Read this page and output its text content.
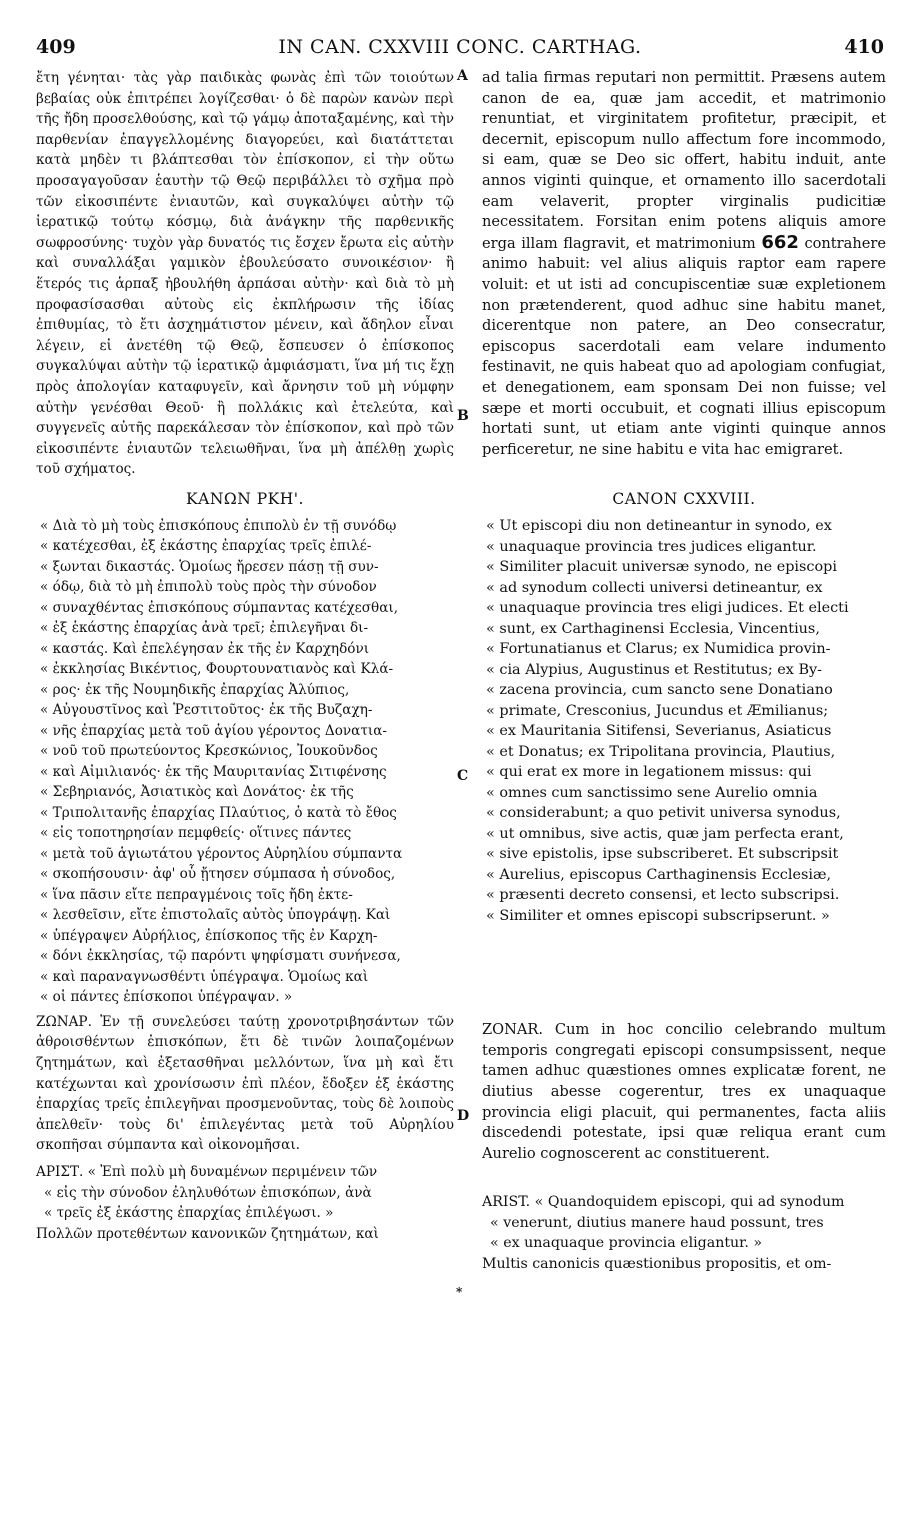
409	IN CAN. CXXVIII CONC. CARTHAG.	410
A
B
C
D
*

ἔτη γένηται· τὰς γὰρ παιδικὰς φωνὰς ἐπὶ τῶν τοιούτων βεβαίας οὐκ ἐπιτρέπει λογίζεσθαι· ὁ δὲ παρὼν κανὼν περὶ τῆς ἤδη προσελθούσης, καὶ τῷ γάμῳ ἀποταξαμένης, καὶ τὴν παρθενίαν ἐπαγγελλομένης διαγορεύει, καὶ διατάττεται κατὰ μηδὲν τι βλάπτεσθαι τὸν ἐπίσκοπον, εἰ τὴν οὕτω προσαγαγοῦσαν ἑαυτὴν τῷ Θεῷ περιβάλλει τὸ σχῆμα πρὸ τῶν εἰκοσιπέντε ἐνιαυτῶν, καὶ συγκαλύψει αὐτὴν τῷ ἱερατικῷ τούτῳ κόσμῳ, διὰ ἀνάγκην τῆς παρθενικῆς σωφροσύνης· τυχὸν γὰρ δυνατός τις ἔσχεν ἔρωτα εἰς αὐτὴν καὶ συναλλάξαι γαμικὸν ἐβουλεύσατο συνοικέσιον· ἢ ἕτερός τις ἁρπαξ ἠβουλήθη ἁρπάσαι αὐτὴν· καὶ διὰ τὸ μὴ προφασίσασθαι αὐτοὺς εἰς ἐκπλήρωσιν τῆς ἰδίας ἐπιθυμίας, τὸ ἔτι ἀσχημάτιστον μένειν, καὶ ἄδηλον εἶναι λέγειν, εἰ ἀνετέθη τῷ Θεῷ, ἔσπευσεν ὁ ἐπίσκοπος συγκαλύψαι αὐτὴν τῷ ἱερατικῷ ἀμφιάσματι, ἵνα μή τις ἔχῃ πρὸς ἀπολογίαν καταφυγεῖν, καὶ ἄρνησιν τοῦ μὴ νύμφην αὐτὴν γενέσθαι Θεοῦ· ἢ πολλάκις καὶ ἐτελεύτα, καὶ συγγενεῖς αὐτῆς παρεκάλεσαν τὸν ἐπίσκοπον, καὶ πρὸ τῶν εἰκοσιπέντε ἐνιαυτῶν τελειωθῆναι, ἵνα μὴ ἀπέλθῃ χωρὶς τοῦ σχήματος.

ΚΑΝΩΝ ΡΚΗ'.
« Διὰ τὸ μὴ τοὺς ἐπισκόπους ἐπιπολὺ ἐν τῇ συνόδῳ
« κατέχεσθαι, ἐξ ἑκάστης ἐπαρχίας τρεῖς ἐπιλέ-
« ξωνται δικαστάς. Ὁμοίως ἤρεσεν πάσῃ τῇ συν-
« όδῳ, διὰ τὸ μὴ ἐπιπολὺ τοὺς πρὸς τὴν σύνοδον
« συναχθέντας ἐπισκόπους σύμπαντας κατέχεσθαι,
« ἐξ ἑκάστης ἐπαρχίας ἀνὰ τρεῖ; ἐπιλεγῆναι δι-
« καστάς. Καὶ ἐπελέγησαν ἐκ τῆς ἐν Καρχηδόνι
« ἐκκλησίας Βικέντιος, Φουρτουνατιανὸς καὶ Κλά-
« ρος· ἐκ τῆς Νουμηδικῆς ἐπαρχίας Ἀλύπιος,
« Αὐγουστῖνος καὶ Ῥεστιτοῦτος· ἐκ τῆς Βυζαχη-
« νῆς ἐπαρχίας μετὰ τοῦ ἁγίου γέροντος Δονατια-
« νοῦ τοῦ πρωτεύοντος Κρεσκώνιος, Ἰουκοῦνδος
« καὶ Αἰμιλιανός· ἐκ τῆς Μαυριτανίας Σιτιφένσης
« Σεβηριανός, Ἀσιατικὸς καὶ Δονάτος· ἐκ τῆς
« Τριπολιτανῆς ἐπαρχίας Πλαύτιος, ὁ κατὰ τὸ ἔθος
« εἰς τοποτηρησίαν πεμφθείς· οἵτινες πάντες
« μετὰ τοῦ ἁγιωτάτου γέροντος Αὐρηλίου σύμπαντα
« σκοπήσουσιν· ἀφ' οὗ ᾔτησεν σύμπασα ἡ σύνοδος,
« ἵνα πᾶσιν εἴτε πεπραγμένοις τοῖς ἤδη ἐκτε-
« λεσθεῖσιν, εἴτε ἐπιστολαῖς αὐτὸς ὑπογράψῃ. Καὶ
« ὑπέγραψεν Αὐρήλιος, ἐπίσκοπος τῆς ἐν Καρχη-
« δόνι ἐκκλησίας, τῷ παρόντι ψηφίσματι συνήνεσα,
« καὶ παραναγνωσθέντι ὑπέγραψα. Ὁμοίως καὶ
« οἱ πάντες ἐπίσκοποι ὑπέγραψαν. »

ΖΩΝΑΡ. Ἐν τῇ συνελεύσει ταύτῃ χρονοτριβησάντων τῶν ἀθροισθέντων ἐπισκόπων, ἔτι δὲ τινῶν λοιπαζομένων ζητημάτων, καὶ ἐξετασθῆναι μελλόντων, ἵνα μὴ καὶ ἔτι κατέχωνται καὶ χρονίσωσιν ἐπὶ πλέον, ἔδοξεν ἐξ ἑκάστης ἐπαρχίας τρεῖς ἐπιλεγῆναι προσμενοῦντας, τοὺς δὲ λοιποὺς ἀπελθεῖν· τοὺς δι' ἐπιλεγέντας μετὰ τοῦ Αὐρηλίου σκοπῆσαι σύμπαντα καὶ οἰκονομῆσαι.

ΑΡΙΣΤ. « Ἐπὶ πολὺ μὴ δυναμένων περιμένειν τῶν
« εἰς τὴν σύνοδον ἐληλυθότων ἐπισκόπων, ἀνὰ
« τρεῖς ἐξ ἑκάστης ἐπαρχίας ἐπιλέγωσι. »
Πολλῶν προτεθέντων κανονικῶν ζητημάτων, καὶ

ad talia firmas reputari non permittit. Præsens autem canon de ea, quæ jam accedit, et matrimonio renuntiat, et virginitatem profitetur, præcipit, et decernit, episcopum nullo affectum fore incommodo, si eam, quæ se Deo sic offert, habitu induit, ante annos viginti quinque, et ornamento illo sacerdotali eam velaverit, propter virginalis pudicitiæ necessitatem. Forsitan enim potens aliquis amore erga illam flagravit, et matrimonium 662 contrahere animo habuit: vel alius aliquis raptor eam rapere voluit: et ut isti ad concupiscentiæ suæ expletionem non prætenderent, quod adhuc sine habitu manet, dicerentque non patere, an Deo consecratur, episcopus sacerdotali eam velare indumento festinavit, ne quis habeat quo ad apologiam confugiat, et denegationem, eam sponsam Dei non fuisse; vel sæpe et morti occubuit, et cognati illius episcopum hortati sunt, ut etiam ante viginti quinque annos perficeretur, ne sine habitu e vita hac emigraret.

CANON CXXVIII.
« Ut episcopi diu non detineantur in synodo, ex
« unaquaque provincia tres judices eligantur.
« Similiter placuit universæ synodo, ne episcopi
« ad synodum collecti universi detineantur, ex
« unaquaque provincia tres eligi judices. Et electi
« sunt, ex Carthaginensi Ecclesia, Vincentius,
« Fortunatianus et Clarus; ex Numidica provin-
« cia Alypius, Augustinus et Restitutus; ex By-
« zacena provincia, cum sancto sene Donatiano
« primate, Cresconius, Jucundus et Æmilianus;
« ex Mauritania Sitifensi, Severianus, Asiaticus
« et Donatus; ex Tripolitana provincia, Plautius,
« qui erat ex more in legationem missus: qui
« omnes cum sanctissimo sene Aurelio omnia
« considerabunt; a quo petivit universa synodus,
« ut omnibus, sive actis, quæ jam perfecta erant,
« sive epistolis, ipse subscriberet. Et subscripsit
« Aurelius, episcopus Carthaginensis Ecclesiæ,
« præsenti decreto consensi, et lecto subscripsi.
« Similiter et omnes episcopi subscripserunt. »

ZONAR. Cum in hoc concilio celebrando multum temporis congregati episcopi consumpsissent, neque tamen adhuc quæstiones omnes explicatæ forent, ne diutius abesse cogerentur, tres ex unaquaque provincia eligi placuit, qui permanentes, facta aliis discedendi potestate, ipsi quæ reliqua erant cum Aurelio cognoscerent ac constituerent.

ARIST. « Quandoquidem episcopi, qui ad synodum
« venerunt, diutius manere haud possunt, tres
« ex unaquaque provincia eligantur. »
Multis canonicis quæstionibus propositis, et om-
